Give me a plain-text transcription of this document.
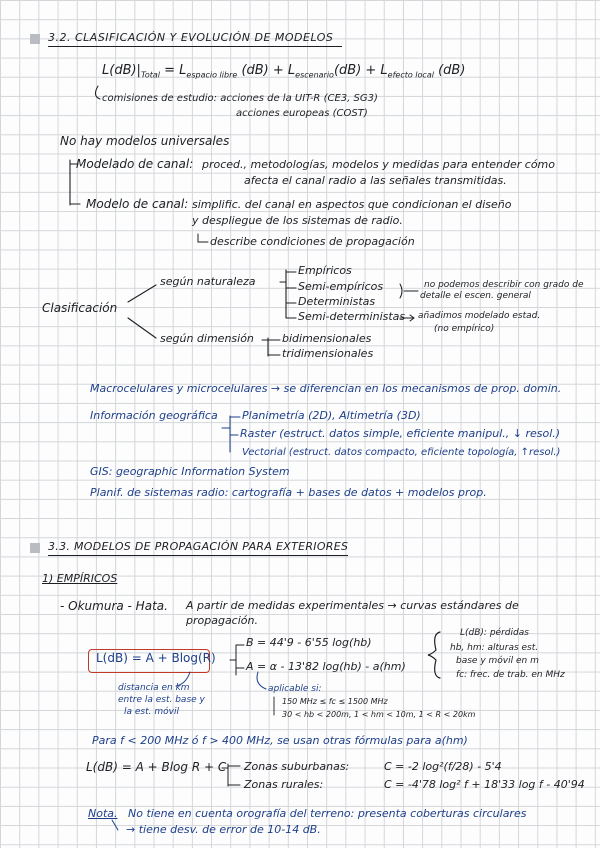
3.2. CLASIFICACIÓN Y EVOLUCIÓN DE MODELOS
$L(dB)|_{Total} = L_{espacio libre}$ $(dB) + L_{escenario}(dB) + L_{efecto local}$ (dB)
comisiones de estudio: acciones de la UIT-R (CE3, SG3)
acciones europeas (COST)
No hay modelos universales
Modelado de canal: proced., metodologías, modelos y medidas para entender cómo
afecta el canal radio a las señales transmitidas.
Modelo de canal: simplific. del canal en aspectos que condicionan el diseño
y despliegue de los sistemas de radio.
describe condiciones de propagación
Clasificación
según naturaleza
Empíricos
Semi-empíricos
Deterministas
Semi-deterministas
no podemos describir con grado de
detalle el escen. general
añadimos modelado estad.
(no empírico)
según dimensión	bidimensionales
tridimensionales
Macrocelulares y microcelulares → se diferencian en los mecanismos de prop. domin.
Información geográfica Planimetría (2D), Altimetría (3D)
Raster (estruct. datos simple, eficiente manipul., ↓ resol.)
Vectorial (estruct. datos compacto, eficiente topología, ↑resol.)
GIS: geographic Information System
Planif. de sistemas radio: cartografía + bases de datos + modelos prop.
3.3. MODELOS DE PROPAGACIÓN PARA EXTERIORES
1) EMPÍRICOS
- Okumura - Hata. A partir de medidas experimentales → curvas estándares de
propagación.
L(dB) = A + Blog(R)
B = 44'9 - 6'55 log(hb)
A = α - 13'82 log(hb) - a(hm)
L(dB): pérdidas
hb, hm: alturas est.
base y móvil en m
fc: frec. de trab. en MHz
distancia en km
entre la est. base y
la est. móvil
aplicable si:
150 MHz ≤ fc ≤ 1500 MHz
30 < hb < 200m, 1 < hm < 10m, 1 < R < 20km
Para f < 200 MHz ó f > 400 MHz, se usan otras fórmulas para a(hm)
L(dB) = A + Blog R + C Zonas suburbanas:	C = -2 log²(f/28) - 5'4
Zonas rurales:	C = -4'78 log² f + 18'33 log f - 40'94
Nota. No tiene en cuenta orografía del terreno: presenta coberturas circulares
→ tiene desv. de error de 10-14 dB.
